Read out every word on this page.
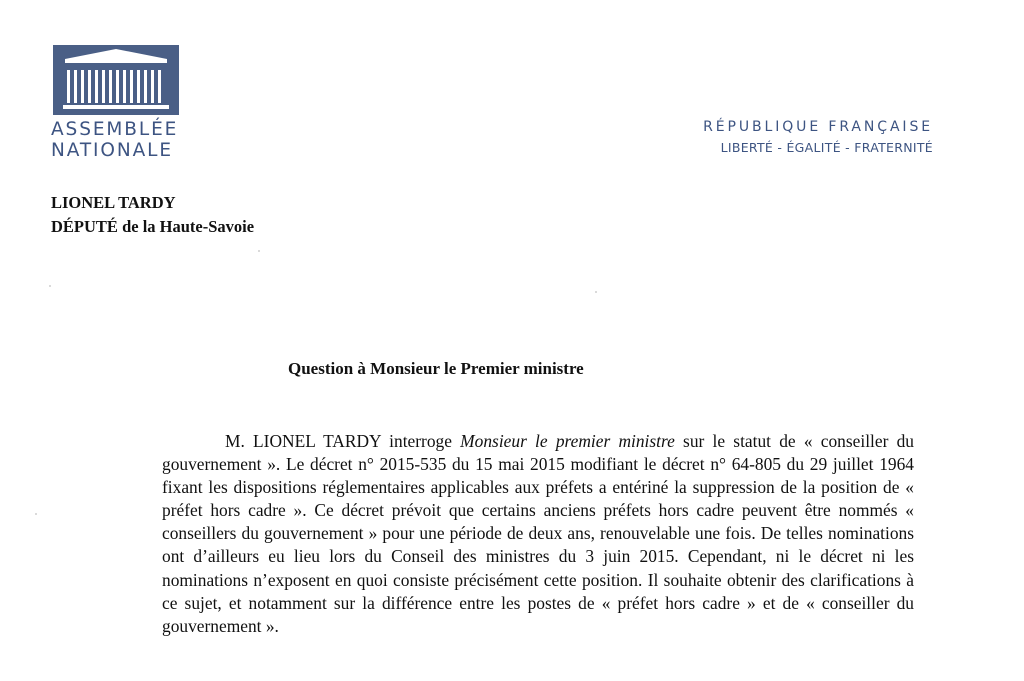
ASSEMBLÉE
NATIONALE
RÉPUBLIQUE FRANÇAISE
LIBERTÉ - ÉGALITÉ - FRATERNITÉ
LIONEL TARDY
DÉPUTÉ de la Haute-Savoie
Question à Monsieur le Premier ministre

M. LIONEL TARDY interroge Monsieur le premier ministre sur le statut de « conseiller du gouvernement ». Le décret n° 2015-535 du 15 mai 2015 modifiant le décret n° 64-805 du 29 juillet 1964 fixant les dispositions réglementaires applicables aux préfets a entériné la suppression de la position de « préfet hors cadre ». Ce décret prévoit que certains anciens préfets hors cadre peuvent être nommés « conseillers du gouvernement » pour une période de deux ans, renouvelable une fois. De telles nominations ont d’ailleurs eu lieu lors du Conseil des ministres du 3 juin 2015. Cependant, ni le décret ni les nominations n’exposent en quoi consiste précisément cette position. Il souhaite obtenir des clarifications à ce sujet, et notamment sur la différence entre les postes de « préfet hors cadre » et de « conseiller du gouvernement ».
